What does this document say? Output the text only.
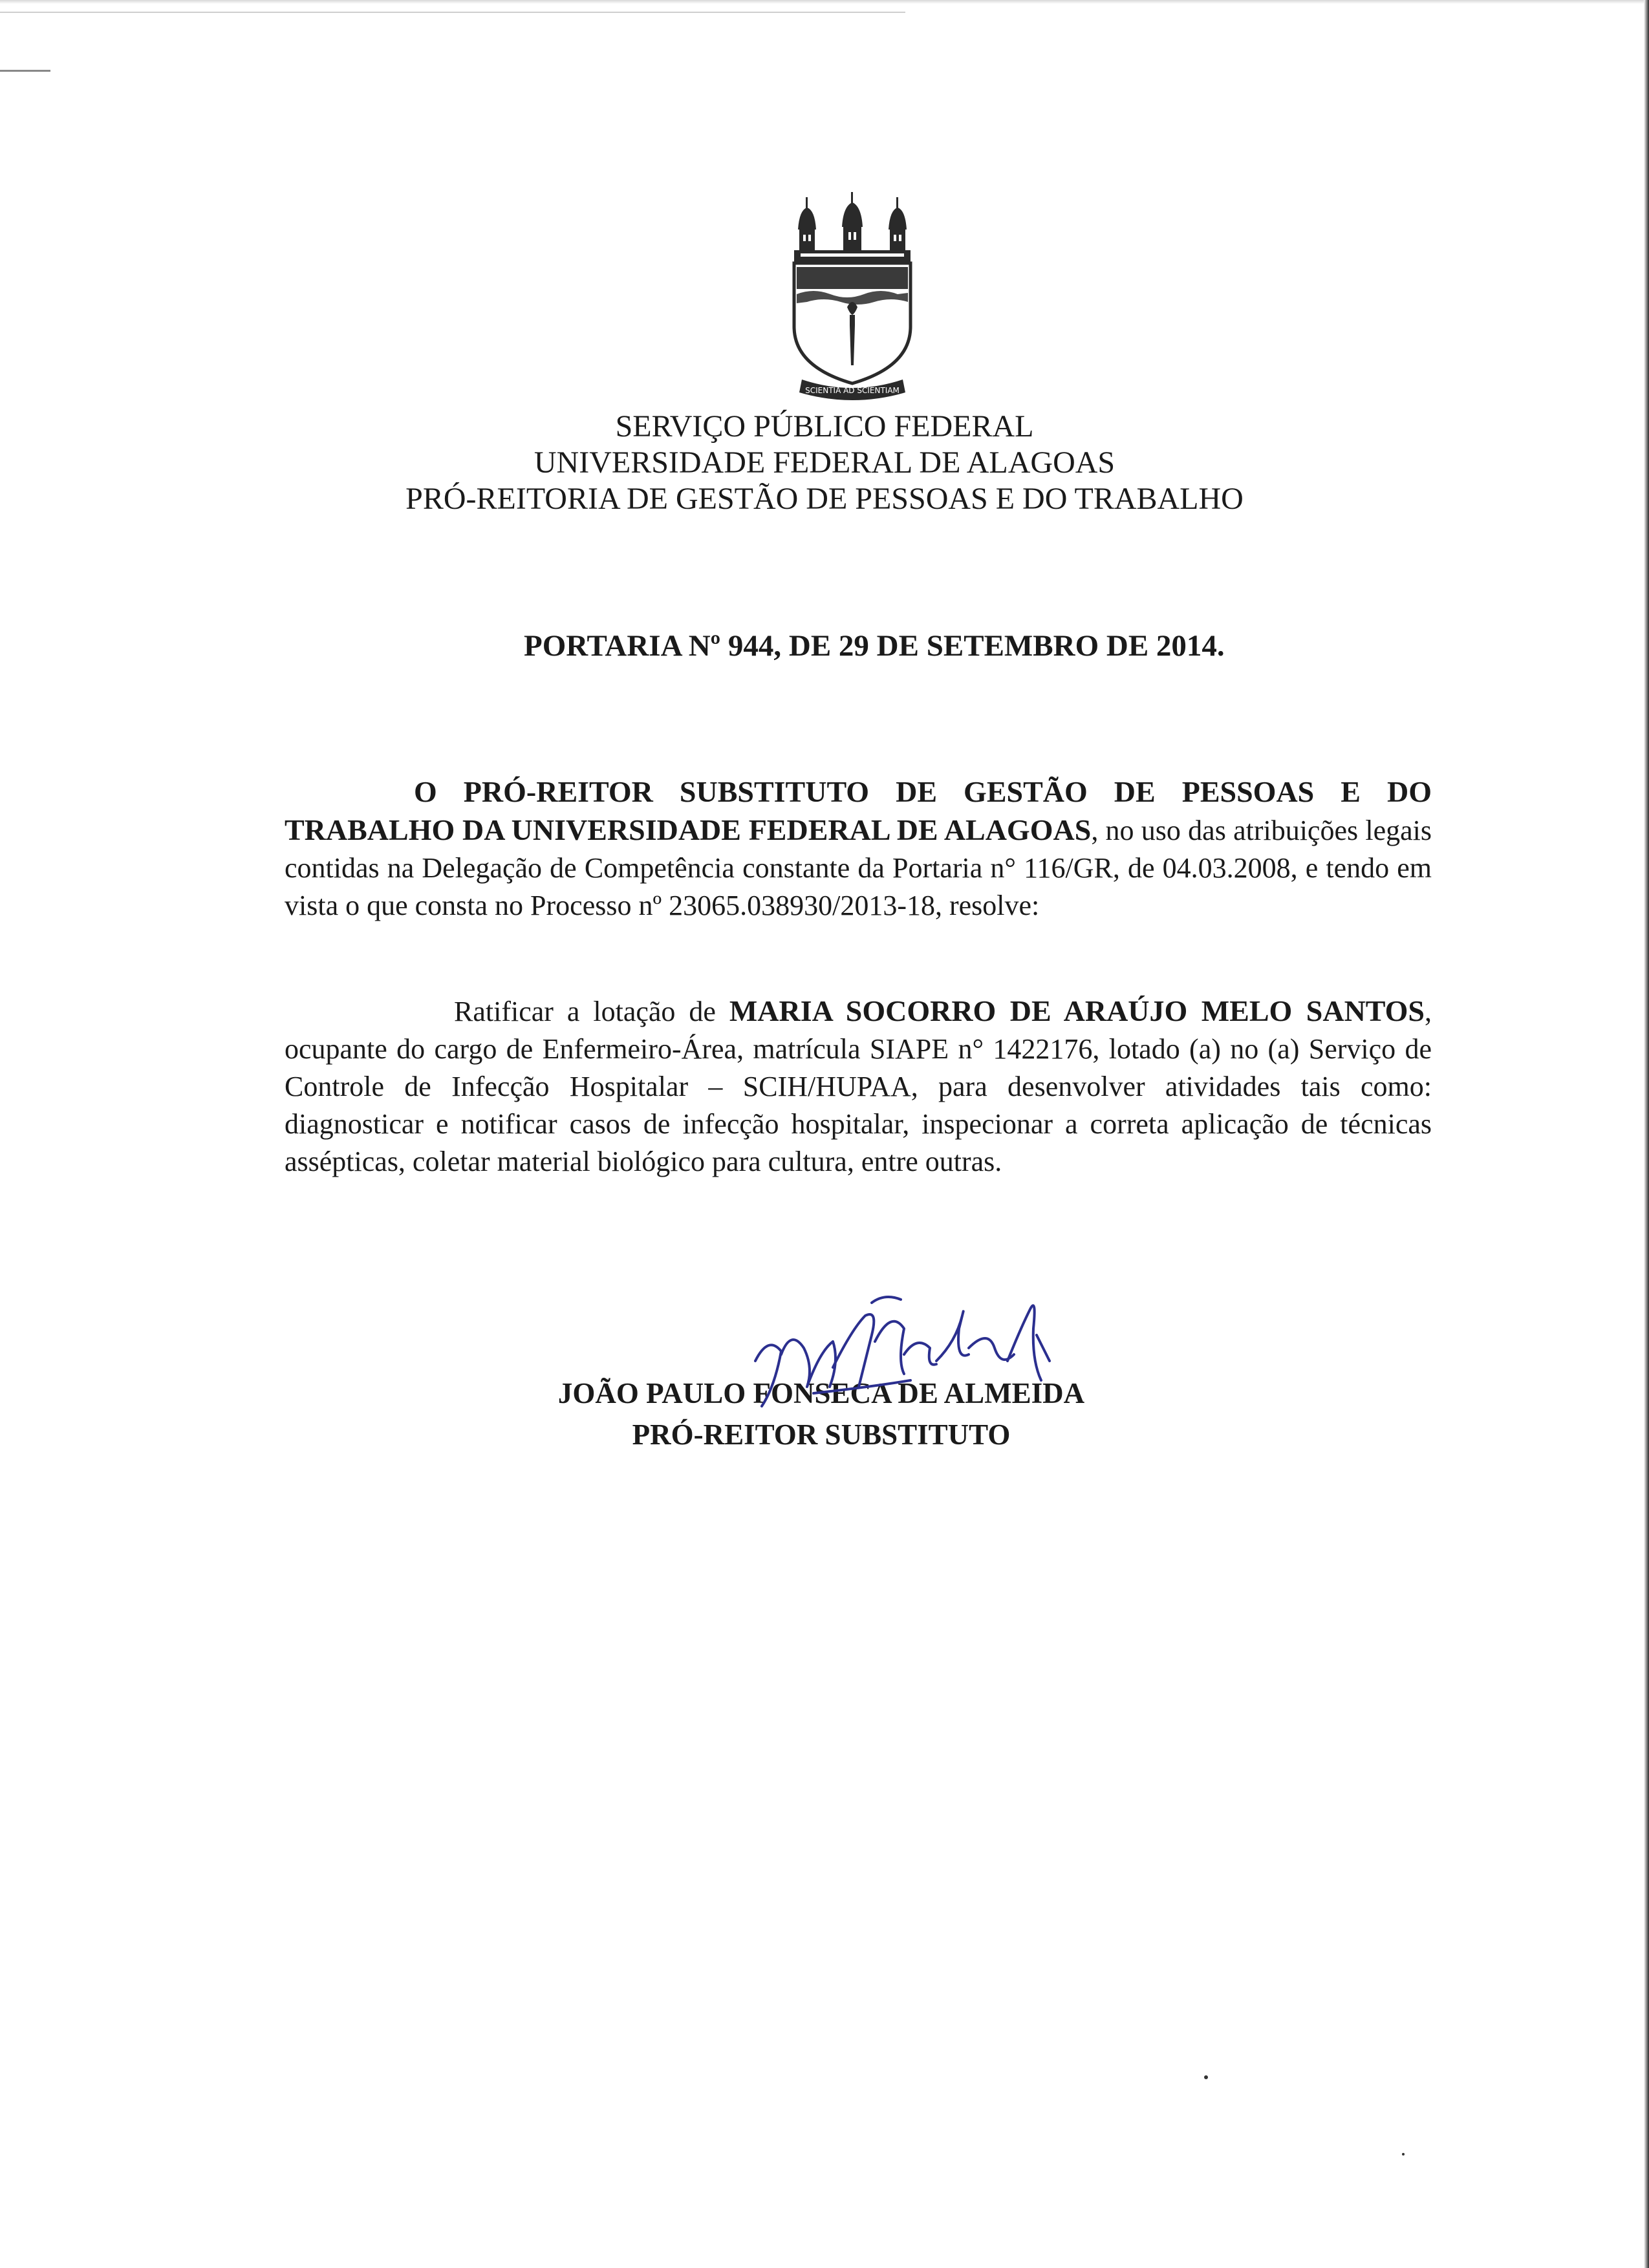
SCIENTIA AD SCIENTIAM
SERVIÇO PÚBLICO FEDERAL
UNIVERSIDADE FEDERAL DE ALAGOAS
PRÓ-REITORIA DE GESTÃO DE PESSOAS E DO TRABALHO
PORTARIA Nº 944, DE 29 DE SETEMBRO DE 2014.
O PRÓ-REITOR SUBSTITUTO DE GESTÃO DE PESSOAS E DO TRABALHO DA UNIVERSIDADE FEDERAL DE ALAGOAS, no uso das atribuições legais contidas na Delegação de Competência constante da Portaria n° 116/GR, de 04.03.2008, e tendo em vista o que consta no Processo nº 23065.038930/2013-18, resolve:
Ratificar a lotação de MARIA SOCORRO DE ARAÚJO MELO SANTOS, ocupante do cargo de Enfermeiro-Área, matrícula SIAPE n° 1422176, lotado (a) no (a) Serviço de Controle de Infecção Hospitalar – SCIH/HUPAA, para desenvolver atividades tais como: diagnosticar e notificar casos de infecção hospitalar, inspecionar a correta aplicação de técnicas assépticas, coletar material biológico para cultura, entre outras.
JOÃO PAULO FONSECA DE ALMEIDA
PRÓ-REITOR SUBSTITUTO
